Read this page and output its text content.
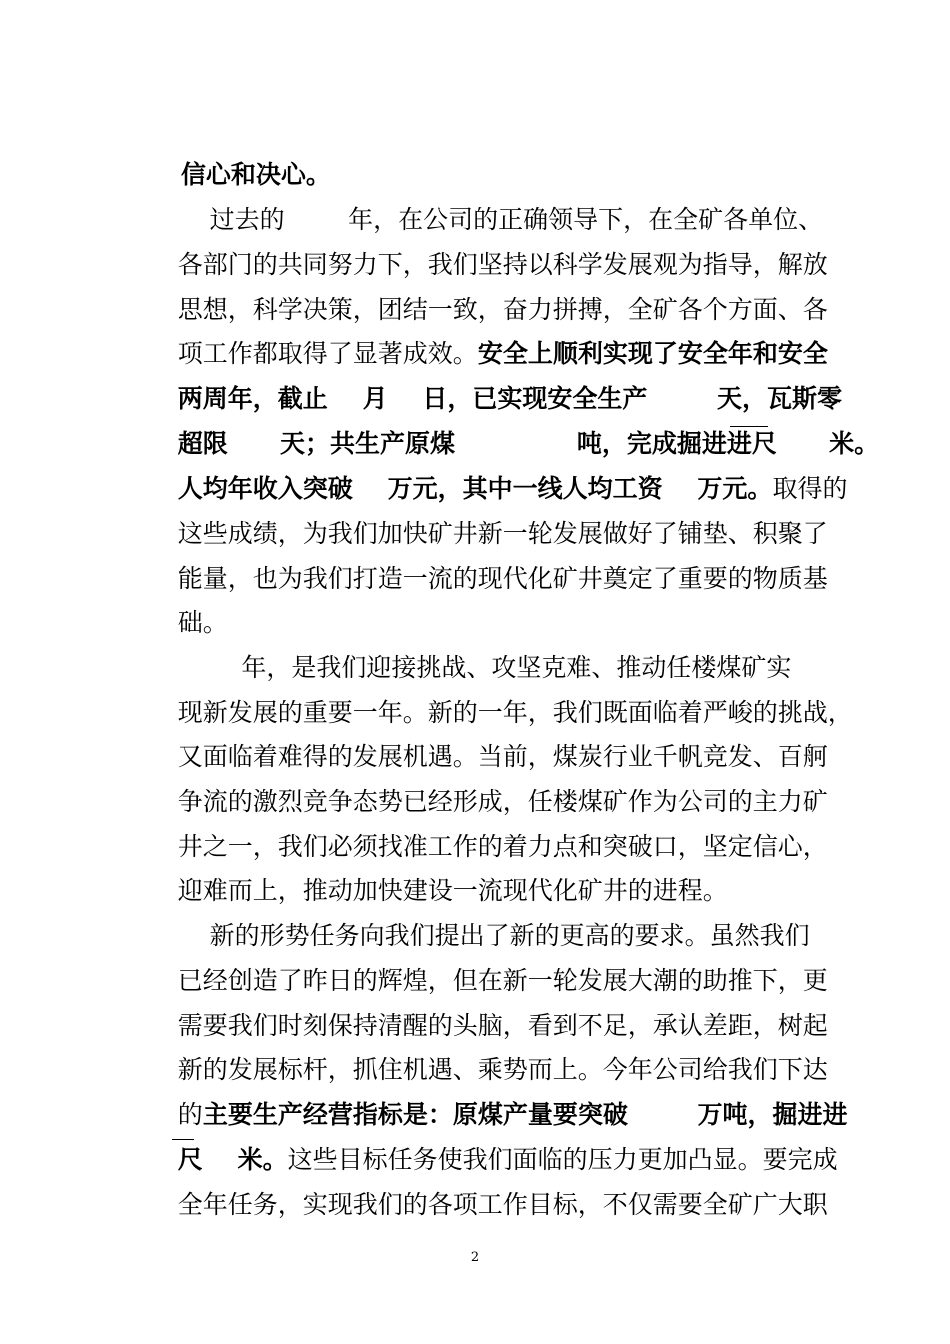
信心和决心。

过去的        年，在公司的正确领导下，在全矿各单位、

各部门的共同努力下，我们坚持以科学发展观为指导，解放

思想，科学决策，团结一致，奋力拼搏，全矿各个方面、各

项工作都取得了显著成效。安全上顺利实现了安全年和安全

两周年，截止    月    日，已实现安全生产        天，瓦斯零

超限      天；共生产原煤              吨，完成掘进进尺      米。

人均年收入突破    万元，其中一线人均工资    万元。取得的

这些成绩，为我们加快矿井新一轮发展做好了铺垫、积聚了

能量，也为我们打造一流的现代化矿井奠定了重要的物质基

础。

年，是我们迎接挑战、攻坚克难、推动任楼煤矿实

现新发展的重要一年。新的一年，我们既面临着严峻的挑战，

又面临着难得的发展机遇。当前，煤炭行业千帆竞发、百舸

争流的激烈竞争态势已经形成，任楼煤矿作为公司的主力矿

井之一，我们必须找准工作的着力点和突破口，坚定信心，

迎难而上，推动加快建设一流现代化矿井的进程。

新的形势任务向我们提出了新的更高的要求。虽然我们

已经创造了昨日的辉煌，但在新一轮发展大潮的助推下，更

需要我们时刻保持清醒的头脑，看到不足，承认差距，树起

新的发展标杆，抓住机遇、乘势而上。今年公司给我们下达

的主要生产经营指标是：原煤产量要突破        万吨，掘进进

尺    米。这些目标任务使我们面临的压力更加凸显。要完成

全年任务，实现我们的各项工作目标，不仅需要全矿广大职

2
